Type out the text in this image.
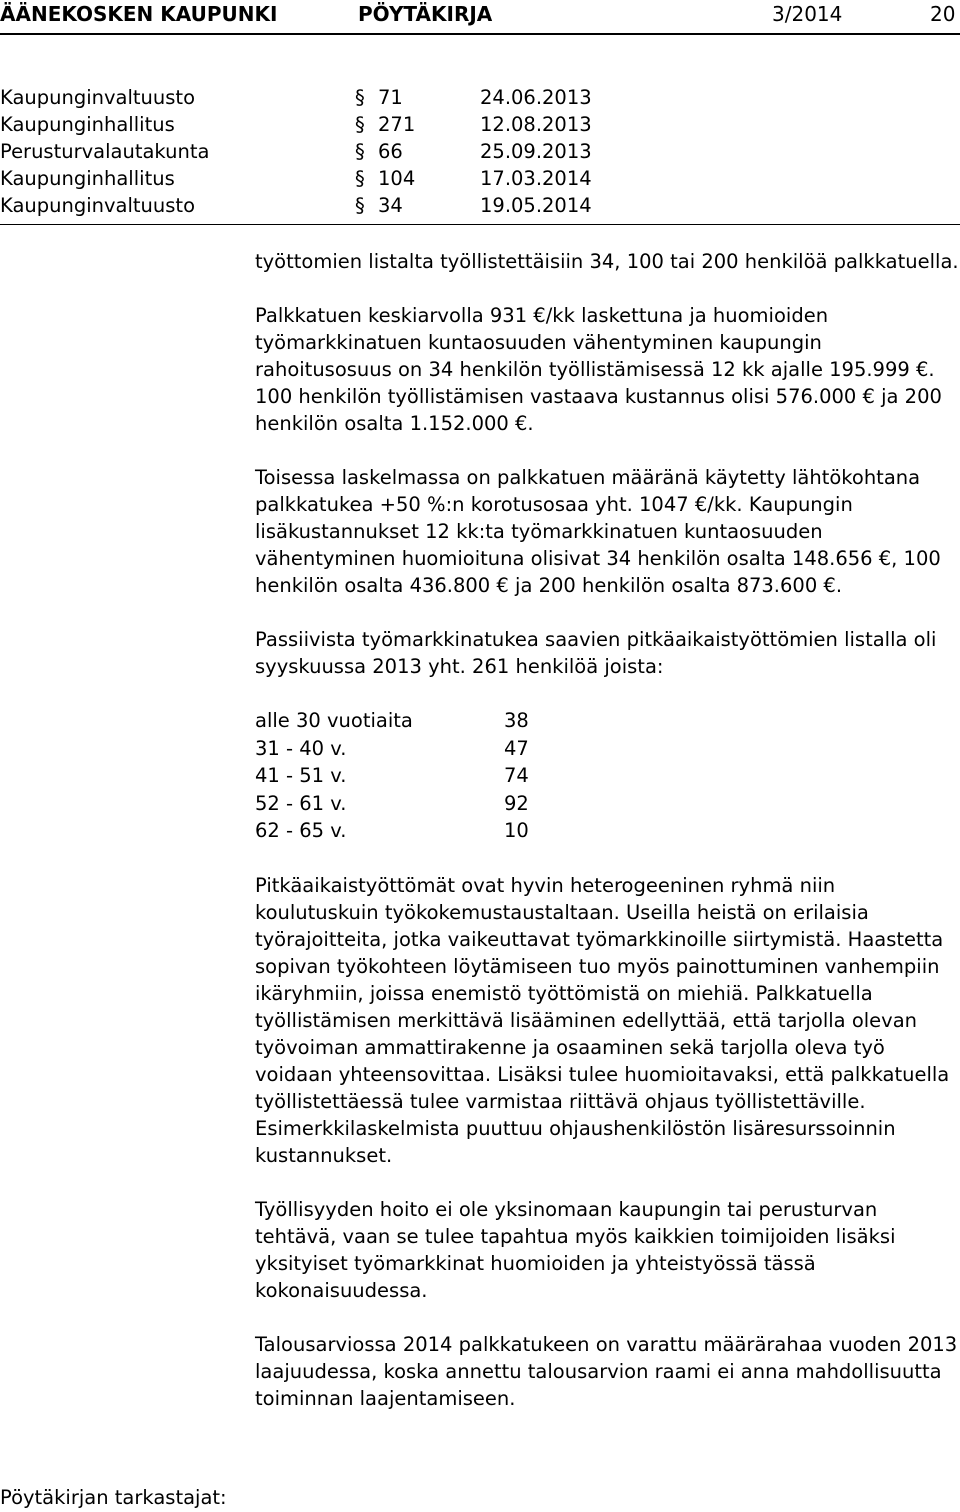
ÄÄNEKOSKEN KAUPUNKI	PÖYTÄKIRJA	3/2014	20
Kaupunginvaltuusto	§ 71	24.06.2013
Kaupunginhallitus	§ 271	12.08.2013
Perusturvalautakunta	§ 66	25.09.2013
Kaupunginhallitus	§ 104	17.03.2014
Kaupunginvaltuusto	§ 34	19.05.2014

työttomien listalta työllistettäisiin 34, 100 tai 200 henkilöä palkkatuella.

Palkkatuen keskiarvolla 931 €/kk laskettuna ja huomioiden työmarkkinatuen kuntaosuuden vähentyminen kaupungin rahoitusosuus on 34 henkilön työllistämisessä 12 kk ajalle 195.999 €. 100 henkilön työllistämisen vastaava kustannus olisi 576.000 € ja 200 henkilön osalta 1.152.000 €.

Toisessa laskelmassa on palkkatuen määränä käytetty lähtökohtana palkkatukea +50 %:n korotusosaa yht. 1047 €/kk. Kaupungin lisäkustannukset 12 kk:ta työmarkkinatuen kuntaosuuden vähentyminen huomioituna olisivat 34 henkilön osalta 148.656 €, 100 henkilön osalta 436.800 € ja 200 henkilön osalta 873.600 €.

Passiivista työmarkkinatukea saavien pitkäaikaistyöttömien listalla oli syyskuussa 2013 yht. 261 henkilöä joista:

alle 30 vuotiaita	38
31 - 40 v.	47
41 - 51 v.	74
52 - 61 v.	92
62 - 65 v.	10

Pitkäaikaistyöttömät ovat hyvin heterogeeninen ryhmä niin koulutuskuin työkokemustaustaltaan. Useilla heistä on erilaisia työrajoitteita, jotka vaikeuttavat työmarkkinoille siirtymistä. Haastetta sopivan työkohteen löytämiseen tuo myös painottuminen vanhempiin ikäryhmiin, joissa enemistö työttömistä on miehiä. Palkkatuella työllistämisen merkittävä lisääminen edellyttää, että tarjolla olevan työvoiman ammattirakenne ja osaaminen sekä tarjolla oleva työ voidaan yhteensovittaa. Lisäksi tulee huomioitavaksi, että palkkatuella työllistettäessä tulee varmistaa riittävä ohjaus työllistettäville. Esimerkkilaskelmista puuttuu ohjaushenkilöstön lisäresurssoinnin kustannukset.

Työllisyyden hoito ei ole yksinomaan kaupungin tai perusturvan tehtävä, vaan se tulee tapahtua myös kaikkien toimijoiden lisäksi yksityiset työmarkkinat huomioiden ja yhteistyössä tässä kokonaisuudessa.

Talousarviossa 2014 palkkatukeen on varattu määrärahaa vuoden 2013 laajuudessa, koska annettu talousarvion raami ei anna mahdollisuutta toiminnan laajentamiseen.

Pöytäkirjan tarkastajat:
